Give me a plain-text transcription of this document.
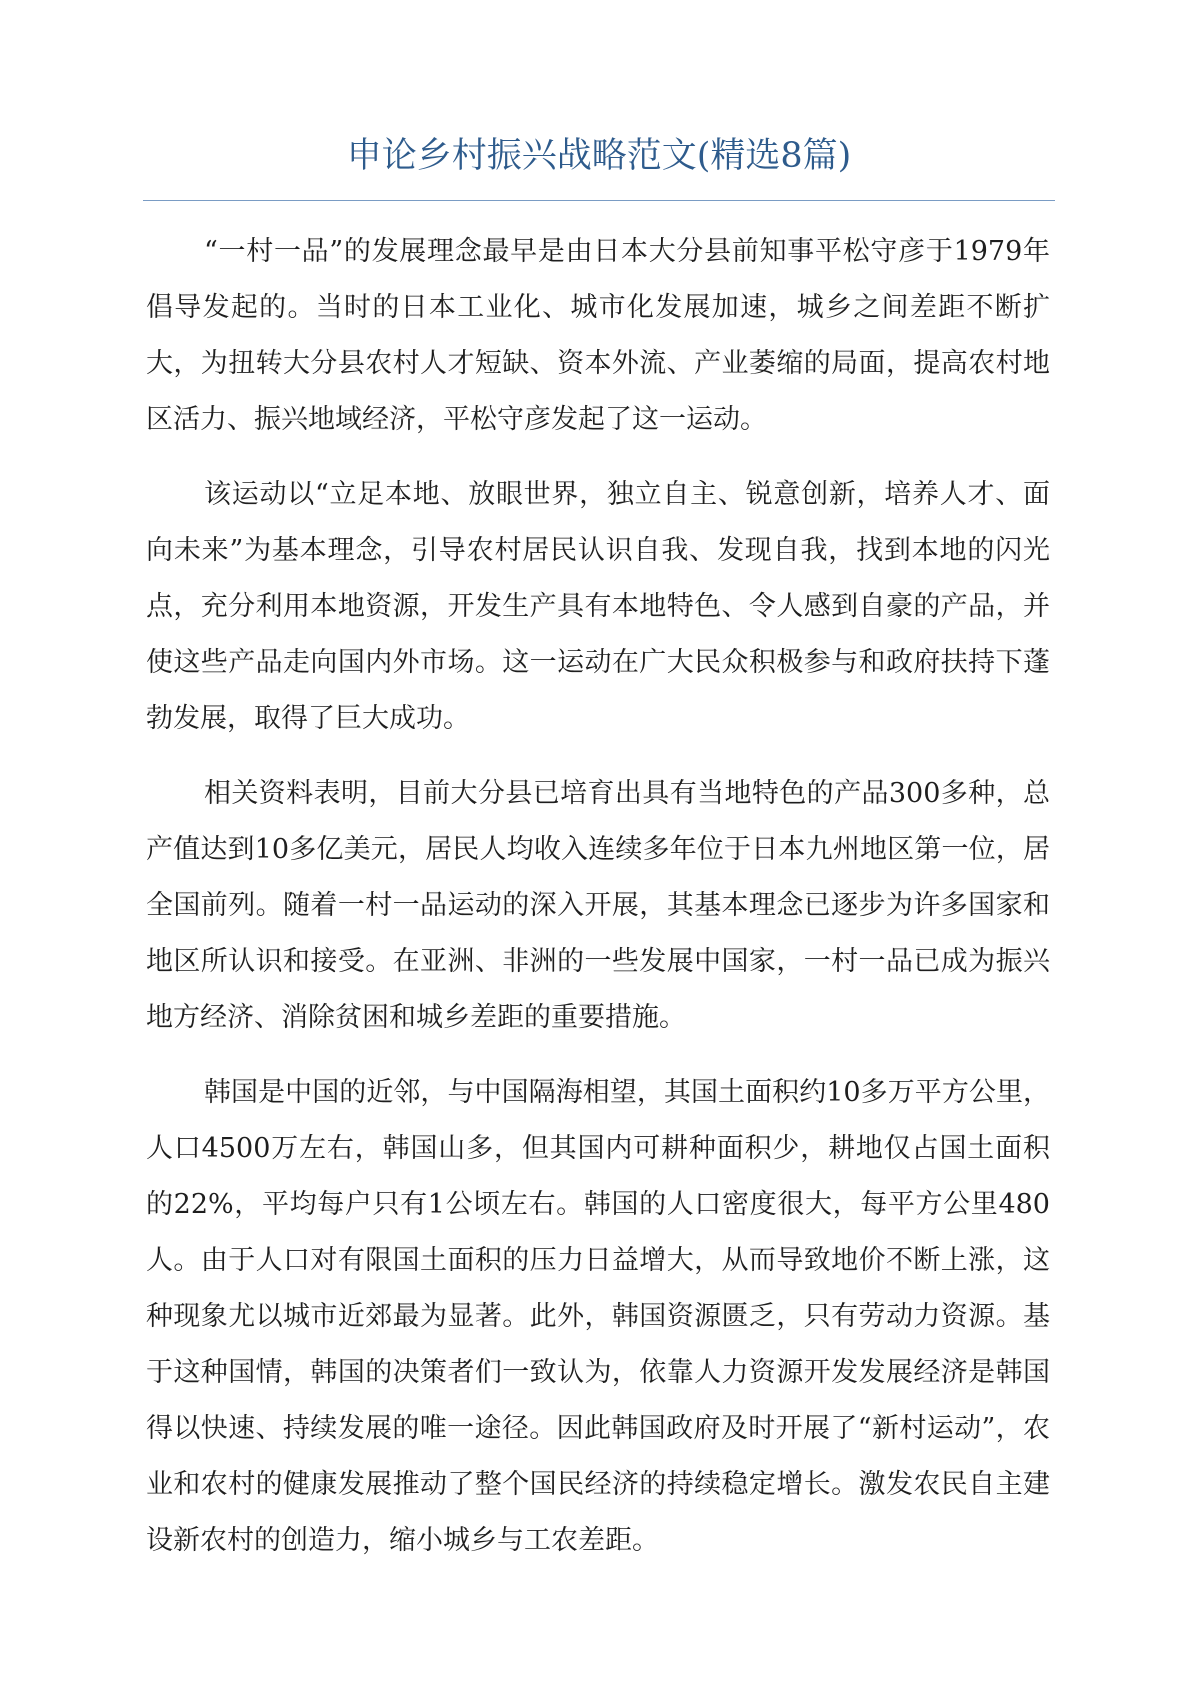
申论乡村振兴战略范文(精选8篇)

“一村一品”的发展理念最早是由日本大分县前知事平松守彦于1979年倡导发起的。当时的日本工业化、城市化发展加速，城乡之间差距不断扩大，为扭转大分县农村人才短缺、资本外流、产业萎缩的局面，提高农村地区活力、振兴地域经济，平松守彦发起了这一运动。

该运动以“立足本地、放眼世界，独立自主、锐意创新，培养人才、面向未来”为基本理念，引导农村居民认识自我、发现自我，找到本地的闪光点，充分利用本地资源，开发生产具有本地特色、令人感到自豪的产品，并使这些产品走向国内外市场。这一运动在广大民众积极参与和政府扶持下蓬勃发展，取得了巨大成功。

相关资料表明，目前大分县已培育出具有当地特色的产品300多种，总产值达到10多亿美元，居民人均收入连续多年位于日本九州地区第一位，居全国前列。随着一村一品运动的深入开展，其基本理念已逐步为许多国家和地区所认识和接受。在亚洲、非洲的一些发展中国家，一村一品已成为振兴地方经济、消除贫困和城乡差距的重要措施。

韩国是中国的近邻，与中国隔海相望，其国土面积约10多万平方公里，人口4500万左右，韩国山多，但其国内可耕种面积少，耕地仅占国土面积的22%，平均每户只有1公顷左右。韩国的人口密度很大，每平方公里480人。由于人口对有限国土面积的压力日益增大，从而导致地价不断上涨，这种现象尤以城市近郊最为显著。此外，韩国资源匮乏，只有劳动力资源。基于这种国情，韩国的决策者们一致认为，依靠人力资源开发发展经济是韩国得以快速、持续发展的唯一途径。因此韩国政府及时开展了“新村运动”，农业和农村的健康发展推动了整个国民经济的持续稳定增长。激发农民自主建设新农村的创造力，缩小城乡与工农差距。
